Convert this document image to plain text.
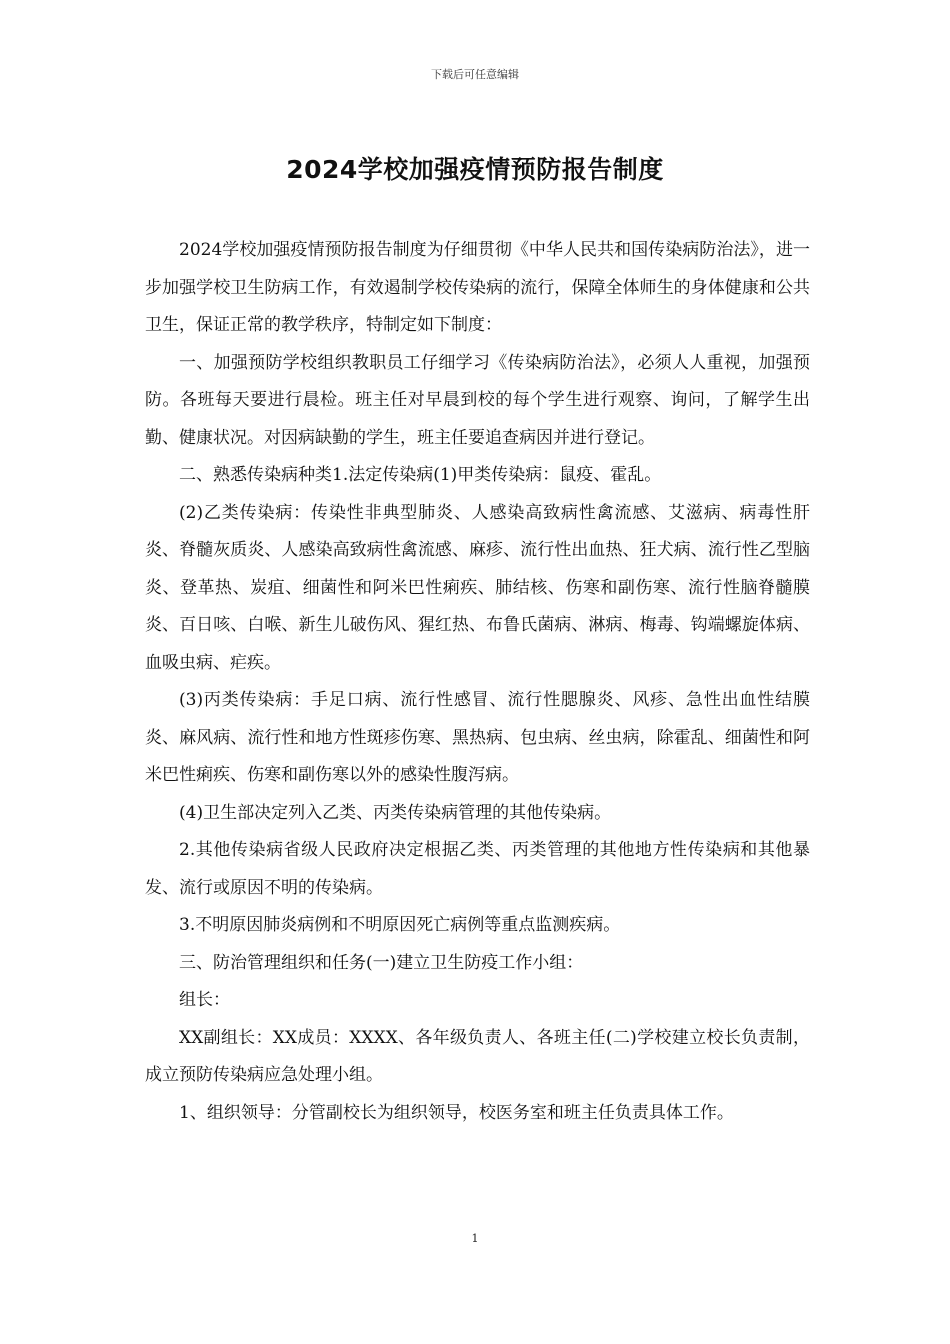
下载后可任意编辑
2024学校加强疫情预防报告制度

2024学校加强疫情预防报告制度为仔细贯彻《中华人民共和国传染病防治法》，进一步加强学校卫生防病工作，有效遏制学校传染病的流行，保障全体师生的身体健康和公共卫生，保证正常的教学秩序，特制定如下制度：

一、加强预防学校组织教职员工仔细学习《传染病防治法》，必须人人重视，加强预防。各班每天要进行晨检。班主任对早晨到校的每个学生进行观察、询问，了解学生出勤、健康状况。对因病缺勤的学生，班主任要追查病因并进行登记。

二、熟悉传染病种类1.法定传染病(1)甲类传染病：鼠疫、霍乱。

(2)乙类传染病：传染性非典型肺炎、人感染高致病性禽流感、艾滋病、病毒性肝炎、脊髓灰质炎、人感染高致病性禽流感、麻疹、流行性出血热、狂犬病、流行性乙型脑炎、登革热、炭疽、细菌性和阿米巴性痢疾、肺结核、伤寒和副伤寒、流行性脑脊髓膜炎、百日咳、白喉、新生儿破伤风、猩红热、布鲁氏菌病、淋病、梅毒、钩端螺旋体病、血吸虫病、疟疾。

(3)丙类传染病：手足口病、流行性感冒、流行性腮腺炎、风疹、急性出血性结膜炎、麻风病、流行性和地方性斑疹伤寒、黑热病、包虫病、丝虫病，除霍乱、细菌性和阿米巴性痢疾、伤寒和副伤寒以外的感染性腹泻病。

(4)卫生部决定列入乙类、丙类传染病管理的其他传染病。

2.其他传染病省级人民政府决定根据乙类、丙类管理的其他地方性传染病和其他暴发、流行或原因不明的传染病。

3.不明原因肺炎病例和不明原因死亡病例等重点监测疾病。

三、防治管理组织和任务(一)建立卫生防疫工作小组：

组长：

XX副组长：XX成员：XXXX、各年级负责人、各班主任(二)学校建立校长负责制，成立预防传染病应急处理小组。

1、组织领导：分管副校长为组织领导，校医务室和班主任负责具体工作。

1
